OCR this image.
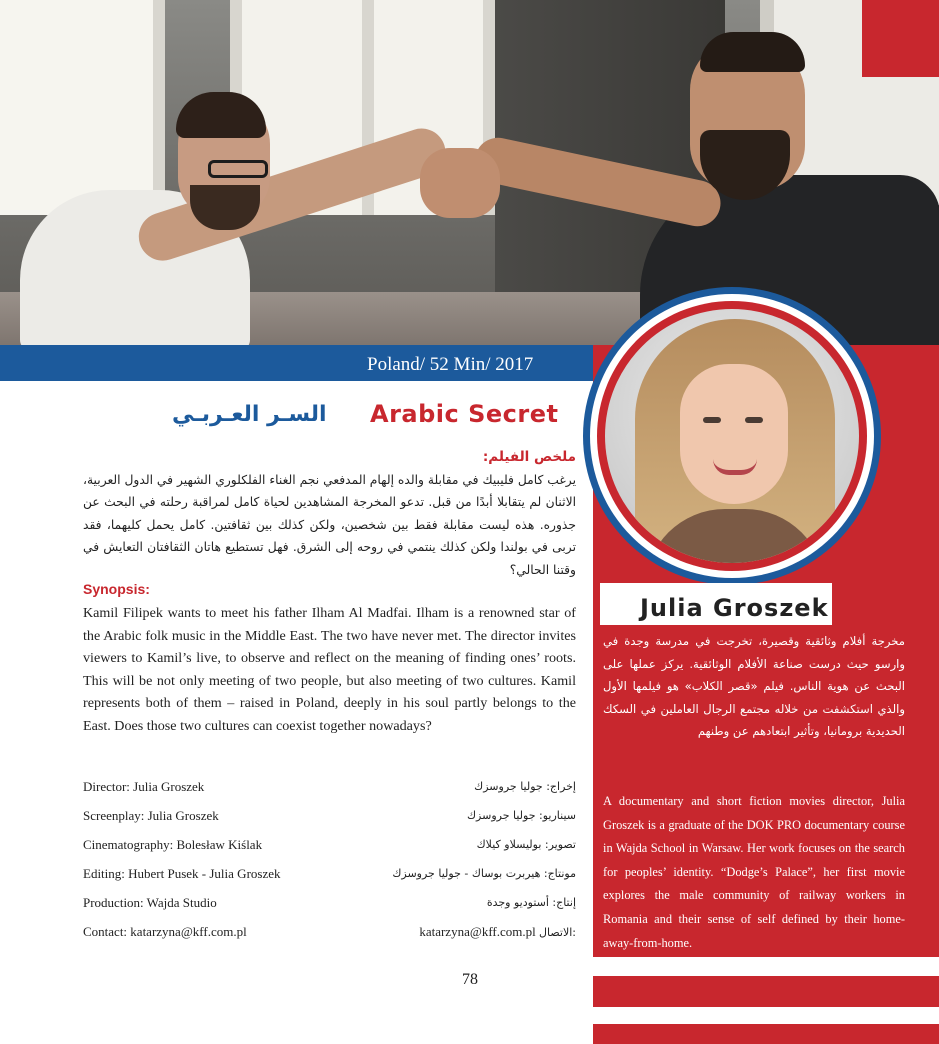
Poland/ 52 Min/ 2017
Julia Groszek
مخرجة أفلام وثائقية وقصيرة، تخرجت في مدرسة وجدة في وارسو حيث درست صناعة الأفلام الوثائقية. يركز عملها على البحث عن هوية الناس. فيلم «قصر الكلاب» هو فيلمها الأول والذي استكشفت من خلاله مجتمع الرجال العاملين في السكك الحديدية برومانيا، وتأثير ابتعادهم عن وطنهم
A documentary and short fiction movies director, Julia Groszek is a graduate of the DOK PRO documentary course in Wajda School in Warsaw. Her work focuses on the search for peoples’ identity. “Dodge’s Palace”, her first movie explores the male community of railway workers in Romania and their sense of self defined by their home-away-from-home.
Arabic Secret
السـر العـربـي
ملخص الفيلم:
يرغب كامل فليبيك في مقابلة والده إلهام المدفعي نجم الغناء الفلكلوري الشهير في الدول العربية، الاثنان لم يتقابلا أبدًا من قبل. تدعو المخرجة المشاهدين لحياة كامل لمراقبة رحلته في البحث عن جذوره. هذه ليست مقابلة فقط بين شخصين، ولكن كذلك بين ثقافتين. كامل يحمل كليهما، فقد تربى في بولندا ولكن كذلك ينتمي في روحه إلى الشرق. فهل تستطيع هاتان الثقافتان التعايش في وقتنا الحالي؟
Synopsis:
Kamil Filipek wants to meet his father Ilham Al Madfai. Ilham is a renowned star of the Arabic folk music in the Middle East. The two have never met. The director invites viewers to Kamil’s live, to observe and reflect on the meaning of finding ones’ roots. This will be not only meeting of two people, but also meeting of two cultures. Kamil represents both of them – raised in Poland, deeply in his soul partly belongs to the East. Does those two cultures can coexist together nowadays?
Director: Julia Groszek	إخراج: جوليا جروسزك
Screenplay: Julia Groszek	سيناريو: جوليا جروسزك
Cinematography: Bolesław Kiślak	تصوير: بوليسلاو كيلاك
Editing: Hubert Pusek - Julia Groszek	مونتاج: هيربرت بوساك - جوليا جروسزك
Production: Wajda Studio	إنتاج: أستوديو وجدة
Contact: katarzyna@kff.com.pl	katarzyna@kff.com.pl الاتصال:
78
